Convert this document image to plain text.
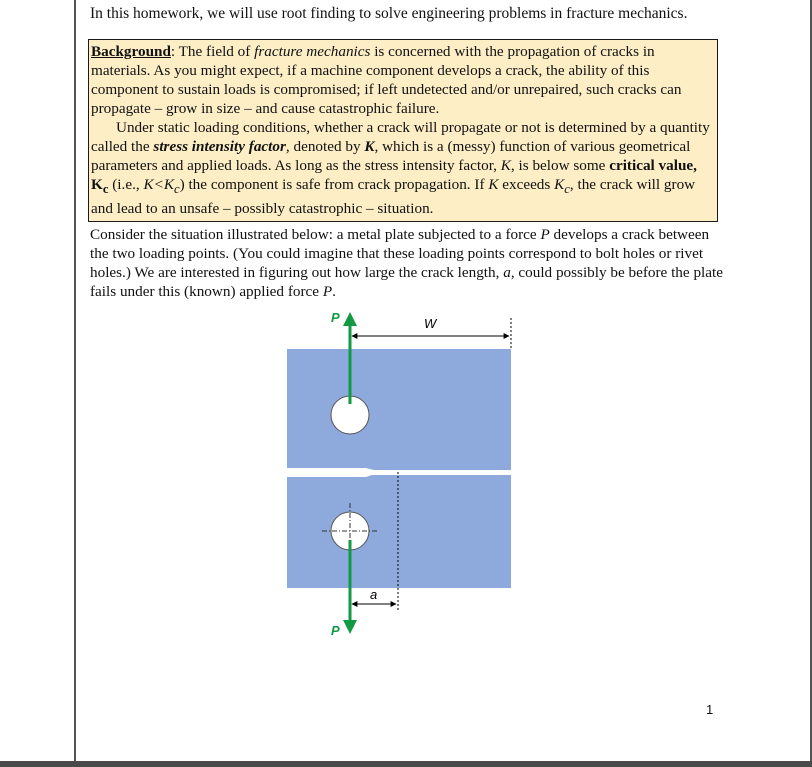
In this homework, we will use root finding to solve engineering problems in fracture mechanics.

Background: The field of fracture mechanics is concerned with the propagation of cracks in materials. As you might expect, if a machine component develops a crack, the ability of this component to sustain loads is compromised; if left undetected and/or unrepaired, such cracks can propagate – grow in size – and cause catastrophic failure.

Under static loading conditions, whether a crack will propagate or not is determined by a quantity called the stress intensity factor, denoted by K, which is a (messy) function of various geometrical parameters and applied loads. As long as the stress intensity factor, K, is below some critical value, $K_c$ (i.e., $K<K_c$) the component is safe from crack propagation. If K exceeds $K_c$, the crack will grow and lead to an unsafe – possibly catastrophic – situation.

Consider the situation illustrated below: a metal plate subjected to a force P develops a crack between the two loading points. (You could imagine that these loading points correspond to bolt holes or rivet holes.) We are interested in figuring out how large the crack length, a, could possibly be before the plate fails under this (known) applied force P.

P
P
W
a

1
